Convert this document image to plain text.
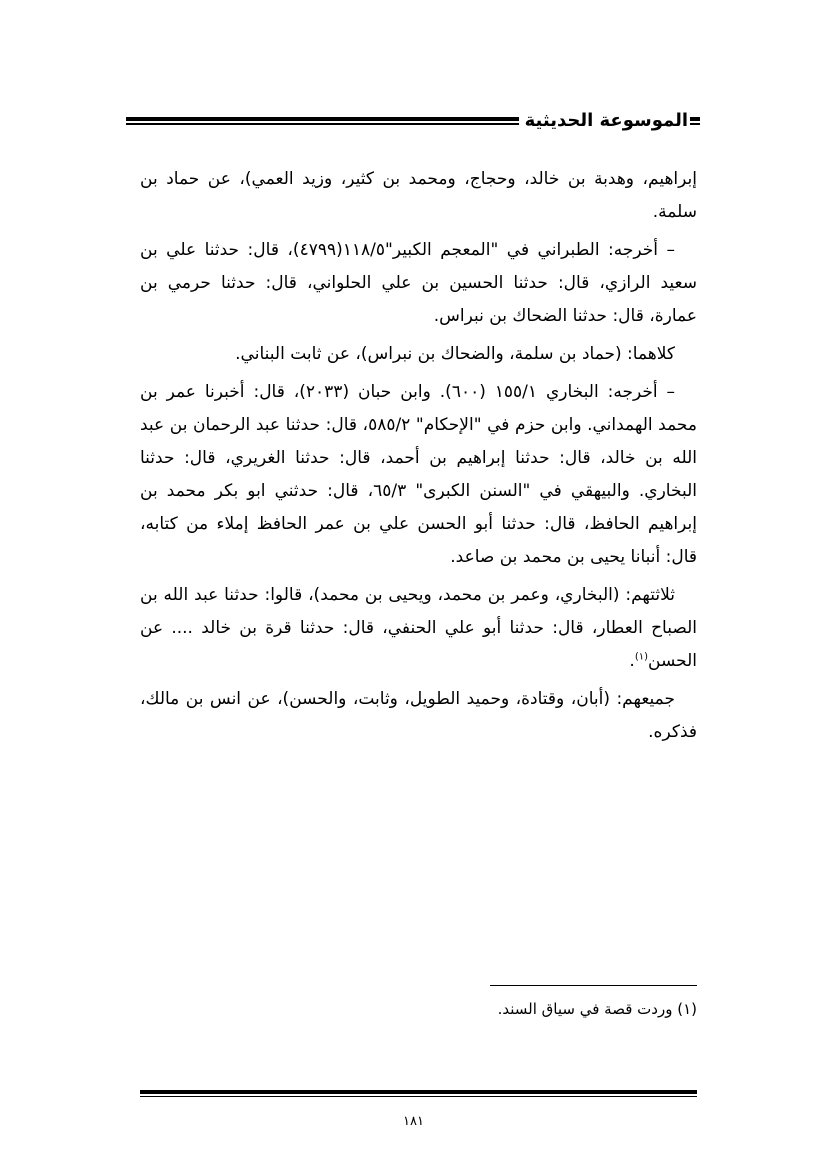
الموسوعة الحديثية

إبراهيم، وهدبة بن خالد، وحجاج، ومحمد بن كثير، وزيد العمي)، عن حماد بن سلمة.

– أخرجه: الطبراني في "المعجم الكبير"١١٨/٥(٤٧٩٩)، قال: حدثنا علي بن سعيد الرازي، قال: حدثنا الحسين بن علي الحلواني، قال: حدثنا حرمي بن عمارة، قال: حدثنا الضحاك بن نبراس.

كلاهما: (حماد بن سلمة، والضحاك بن نبراس)، عن ثابت البناني.

– أخرجه: البخاري ١٥٥/١ (٦٠٠). وابن حبان (٢٠٣٣)، قال: أخبرنا عمر بن محمد الهمداني. وابن حزم في "الإحكام" ٥٨٥/٢، قال: حدثنا عبد الرحمان بن عبد الله بن خالد، قال: حدثنا إبراهيم بن أحمد، قال: حدثنا الغريري، قال: حدثنا البخاري. والبيهقي في "السنن الكبرى" ٦٥/٣، قال: حدثني ابو بكر محمد بن إبراهيم الحافظ، قال: حدثنا أبو الحسن علي بن عمر الحافظ إملاء من كتابه، قال: أنبانا يحيى بن محمد بن صاعد.

ثلاثتهم: (البخاري، وعمر بن محمد، ويحيى بن محمد)، قالوا: حدثنا عبد الله بن الصباح العطار، قال: حدثنا أبو علي الحنفي، قال: حدثنا قرة بن خالد .... عن الحسن$^{(١)}$.

جميعهم: (أبان، وقتادة، وحميد الطويل، وثابت، والحسن)، عن انس بن مالك، فذكره.

(١) وردت قصة في سياق السند.
١٨١
